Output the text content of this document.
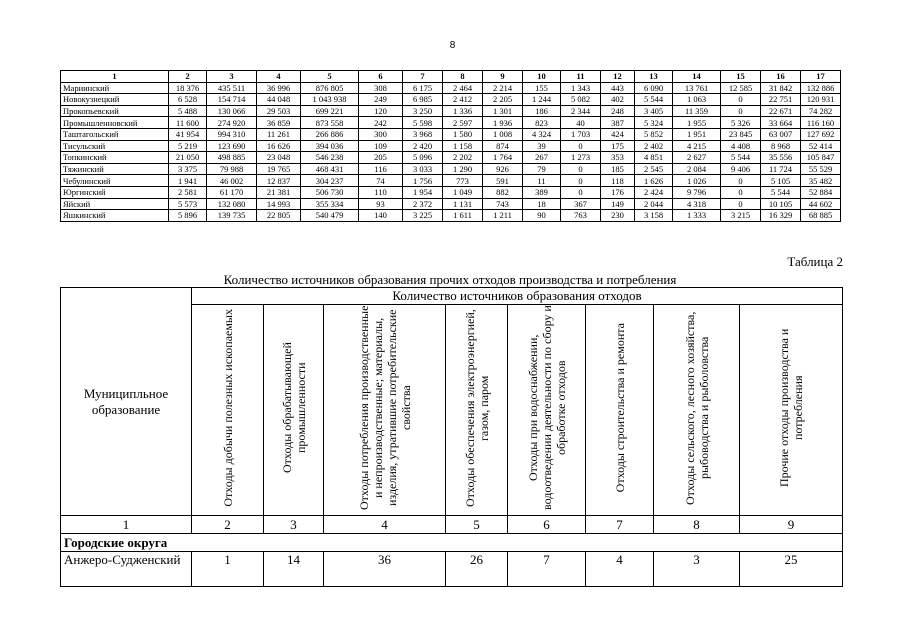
8
1	2	3	4	5	6	7	8	9	10	11	12	13	14	15	16	17
Мариинский	18 376	435 511	36 996	876 805	308	6 175	2 464	2 214	155	1 343	443	6 090	13 761	12 585	31 842	132 886
Новокузнецкий	6 528	154 714	44 048	1 043 938	249	6 985	2 412	2 205	1 244	5 082	402	5 544	1 063	0	22 751	120 931
Прокопьевский	5 488	130 066	29 503	699 221	120	3 250	1 336	1 301	186	2 344	248	3 405	11 359	0	22 671	74 282
Промышленновский	11 600	274 920	36 859	873 558	242	5 598	2 597	1 936	823	40	387	5 324	1 955	5 326	33 664	116 160
Таштагольский	41 954	994 310	11 261	266 886	300	3 968	1 580	1 008	4 324	1 703	424	5 852	1 951	23 845	63 007	127 692
Тисульский	5 219	123 690	16 626	394 036	109	2 420	1 158	874	39	0	175	2 402	4 215	4 408	8 968	52 414
Топкинский	21 050	498 885	23 048	546 238	205	5 096	2 202	1 764	267	1 273	353	4 851	2 627	5 544	35 556	105 847
Тяжинский	3 375	79 988	19 765	468 431	116	3 033	1 290	926	79	0	185	2 545	2 084	9 406	11 724	55 529
Чебулинский	1 941	46 002	12 837	304 237	74	1 756	773	591	11	0	118	1 626	1 026	0	5 105	35 482
Юргинский	2 581	61 170	21 381	506 730	110	1 954	1 049	882	389	0	176	2 424	9 796	0	5 544	52 884
Яйский	5 573	132 080	14 993	355 334	93	2 372	1 131	743	18	367	149	2 044	4 318	0	10 105	44 602
Яшкинский	5 896	139 735	22 805	540 479	140	3 225	1 611	1 211	90	763	230	3 158	1 333	3 215	16 329	68 885
Таблица 2
Количество источников образования прочих отходов производства и потребления
Муниципльное образование	Количество источников образования отходов							
	Отходы добычи полезных ископаемых	Отходы обрабатывающей промышленности	Отходы потребления производственные и непроизводственные; материалы, изделия, утратившие потребительские свойства	Отходы обеспечения электроэнергией, газом, паром	Отходы при водоснабжении, водоотведении деятельности по сбору и обработке отходов	Отходы строительства и ремонта	Отходы сельского, лесного хозяйства, рыбоводства и рыболовства	Прочие отходы производства и потребления
1	2	3	4	5	6	7	8	9
Городские округа								
Анжеро-Судженский	1	14	36	26	7	4	3	25
